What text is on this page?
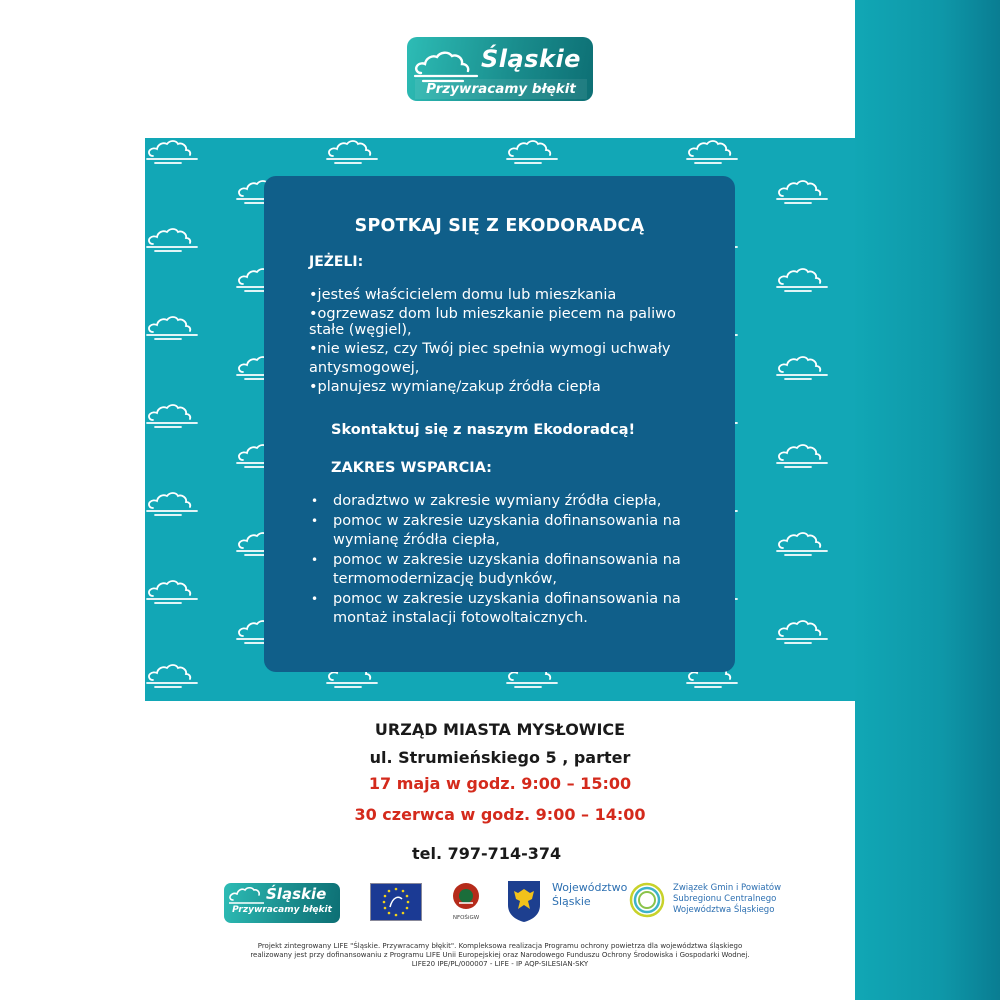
Śląskie
Przywracamy błękit
SPOTKAJ SIĘ Z EKODORADCĄ
JEŻELI:
•jesteś właścicielem domu lub mieszkania
•ogrzewasz dom lub mieszkanie piecem na paliwo
stałe (węgiel),
•nie wiesz, czy Twój piec spełnia wymogi uchwały
antysmogowej,
•planujesz wymianę/zakup źródła ciepła
Skontaktuj się z naszym Ekodoradcą!
ZAKRES WSPARCIA:
• doradztwo w zakresie wymiany źródła ciepła,
• pomoc w zakresie uzyskania dofinansowania na wymianę źródła ciepła,
• pomoc w zakresie uzyskania dofinansowania na termomodernizację budynków,
• pomoc w zakresie uzyskania dofinansowania na montaż instalacji fotowoltaicznych.
URZĄD MIASTA MYSŁOWICE
ul. Strumieńskiego 5 , parter
17 maja w godz. 9:00 – 15:00
30 czerwca w godz. 9:00 – 14:00
tel. 797-714-374
Śląskie
Przywracamy błękit
NFOŚiGW
Województwo
Śląskie
Związek Gmin i Powiatów
Subregionu Centralnego
Województwa Śląskiego
Projekt zintegrowany LIFE "Śląskie. Przywracamy błękit". Kompleksowa realizacja Programu ochrony powietrza dla województwa śląskiego
realizowany jest przy dofinansowaniu z Programu LIFE Unii Europejskiej oraz Narodowego Funduszu Ochrony Środowiska i Gospodarki Wodnej.
LIFE20 IPE/PL/000007 - LIFE - IP AQP-SILESIAN-SKY
